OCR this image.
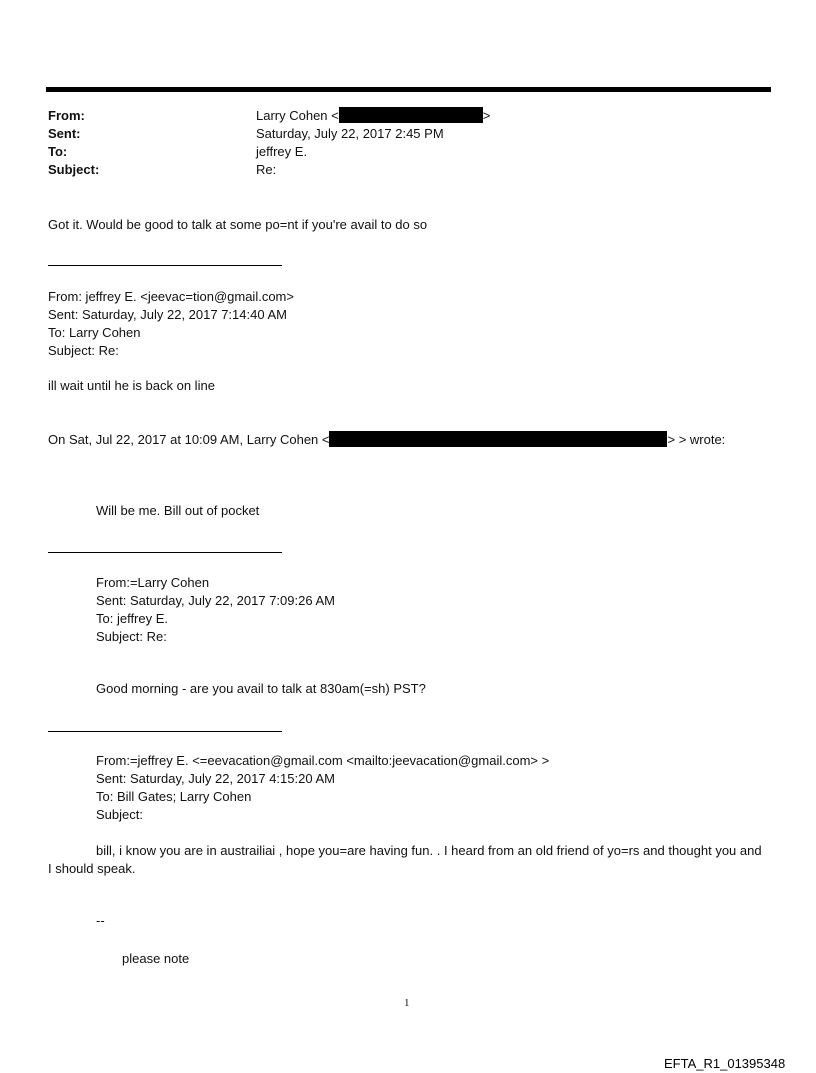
From:
Sent:
To:
Subject:
Larry Cohen <	>
Saturday, July 22, 2017 2:45 PM
jeffrey E.
Re:
Got it. Would be good to talk at some po=nt if you're avail to do so
From: jeffrey E. <jeevac=tion@gmail.com>
Sent: Saturday, July 22, 2017 7:14:40 AM
To: Larry Cohen
Subject: Re:
ill wait until he is back on line
On Sat, Jul 22, 2017 at 10:09 AM, Larry Cohen <	> > wrote:
Will be me. Bill out of pocket
From:=Larry Cohen
Sent: Saturday, July 22, 2017 7:09:26 AM
To: jeffrey E.
Subject: Re:
Good morning - are you avail to talk at 830am(=sh) PST?
From:=jeffrey E. <=eevacation@gmail.com <mailto:jeevacation@gmail.com> >
Sent: Saturday, July 22, 2017 4:15:20 AM
To: Bill Gates; Larry Cohen
Subject:
bill, i know you are in austrailiai , hope you=are having fun. . I heard from an old friend of yo=rs and thought you and I should speak.
--
please note
1
EFTA_R1_01395348
